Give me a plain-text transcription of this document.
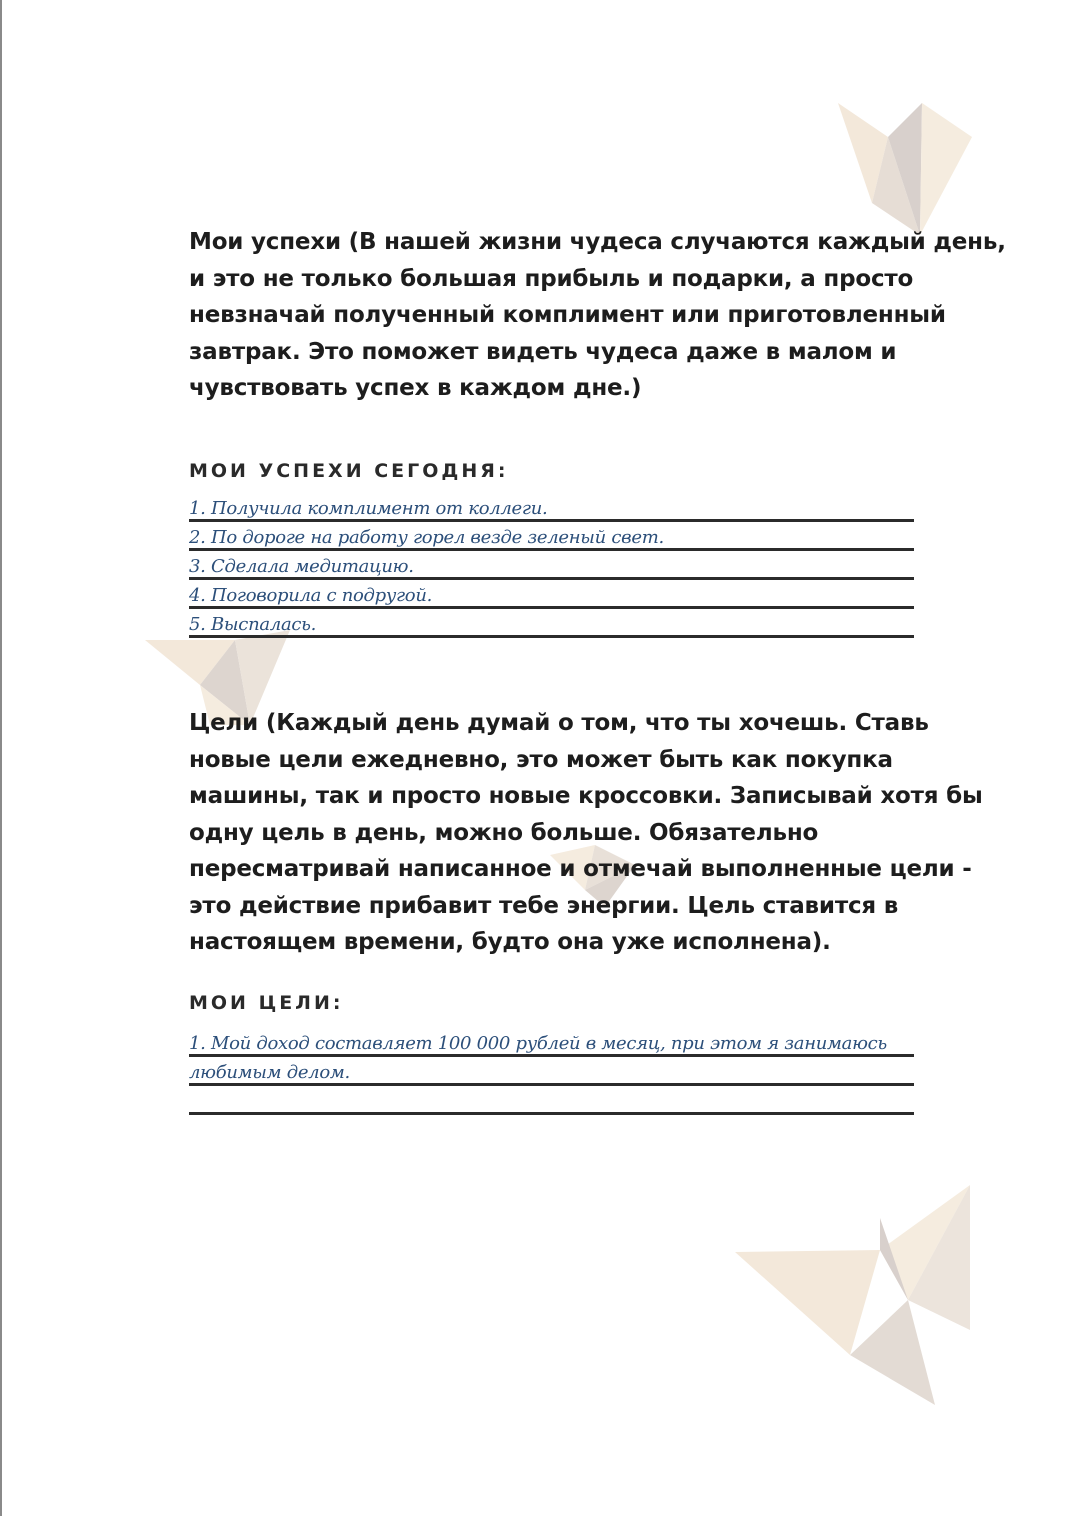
Мои успехи (В нашей жизни чудеса случаются каждый день,
и это не только большая прибыль и подарки, а просто
невзначай полученный комплимент или приготовленный
завтрак. Это поможет видеть чудеса даже в малом и
чувствовать успех в каждом дне.)

МОИ УСПЕХИ СЕГОДНЯ:
1. Получила комплимент от коллеги.
2. По дороге на работу горел везде зеленый свет.
3. Сделала медитацию.
4. Поговорила с подругой.
5. Выспалась.

Цели (Каждый день думай о том, что ты хочешь. Ставь
новые цели ежедневно, это может быть как покупка
машины, так и просто новые кроссовки. Записывай хотя бы
одну цель в день, можно больше. Обязательно
пересматривай написанное и отмечай выполненные цели -
это действие прибавит тебе энергии. Цель ставится в
настоящем времени, будто она уже исполнена).

МОИ ЦЕЛИ:
1. Мой доход составляет 100 000 рублей в месяц, при этом я занимаюсь
любимым делом.
